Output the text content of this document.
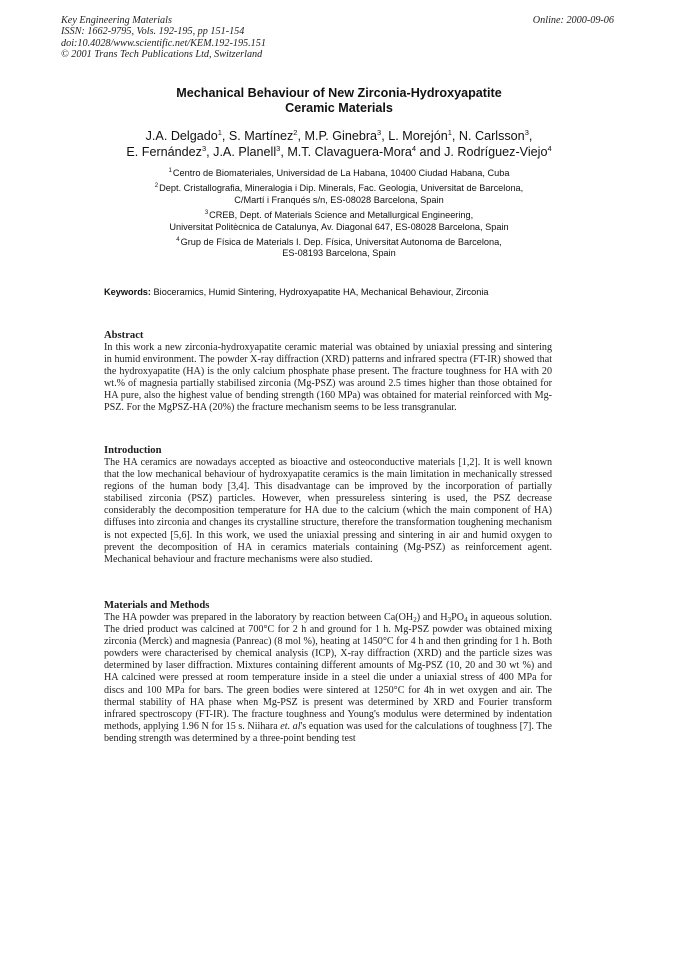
Key Engineering Materials
ISSN: 1662-9795, Vols. 192-195, pp 151-154
doi:10.4028/www.scientific.net/KEM.192-195.151
© 2001 Trans Tech Publications Ltd, Switzerland
Online: 2000-09-06
Mechanical Behaviour of New Zirconia-Hydroxyapatite
Ceramic Materials
J.A. Delgado$^1$, S. Martínez$^2$, M.P. Ginebra$^3$, L. Morejón$^1$, N. Carlsson$^3$,
E. Fernández$^3$, J.A. Planell$^3$, M.T. Clavaguera-Mora$^4$ and J. Rodríguez-Viejo$^4$
$^1$Centro de Biomateriales, Universidad de La Habana, 10400 Ciudad Habana, Cuba
$^2$Dept. Cristallografia, Mineralogia i Dip. Minerals, Fac. Geologia, Universitat de Barcelona,
C/Martí i Franqués s/n, ES-08028 Barcelona, Spain
$^3$CREB, Dept. of Materials Science and Metallurgical Engineering,
Universitat Politècnica de Catalunya, Av. Diagonal 647, ES-08028 Barcelona, Spain
$^4$Grup de Física de Materials I. Dep. Física, Universitat Autonoma de Barcelona,
ES-08193 Barcelona, Spain
Keywords: Bioceramics, Humid Sintering, Hydroxyapatite HA, Mechanical Behaviour, Zirconia
Abstract

In this work a new zirconia-hydroxyapatite ceramic material was obtained by uniaxial pressing and sintering in humid environment. The powder X-ray diffraction (XRD) patterns and infrared spectra (FT-IR) showed that the hydroxyapatite (HA) is the only calcium phosphate phase present. The fracture toughness for HA with 20 wt.% of magnesia partially stabilised zirconia (Mg-PSZ) was around 2.5 times higher than those obtained for HA pure, also the highest value of bending strength (160 MPa) was obtained for material reinforced with Mg-PSZ. For the MgPSZ-HA (20%) the fracture mechanism seems to be less transgranular.

Introduction

The HA ceramics are nowadays accepted as bioactive and osteoconductive materials [1,2]. It is well known that the low mechanical behaviour of hydroxyapatite ceramics is the main limitation in mechanically stressed regions of the human body [3,4]. This disadvantage can be improved by the incorporation of partially stabilised zirconia (PSZ) particles. However, when pressureless sintering is used, the PSZ decrease considerably the decomposition temperature for HA due to the calcium (which the main component of HA) diffuses into zirconia and changes its crystalline structure, therefore the transformation toughening mechanism is not expected [5,6]. In this work, we used the uniaxial pressing and sintering in air and humid oxygen to prevent the decomposition of HA in ceramics materials containing (Mg-PSZ) as reinforcement agent. Mechanical behaviour and fracture mechanisms were also studied.

Materials and Methods

The HA powder was prepared in the laboratory by reaction between $Ca(OH_2)$ and $H_3PO_4$ in aqueous solution. The dried product was calcined at 700°C for 2 h and ground for 1 h. Mg-PSZ powder was obtained mixing zirconia (Merck) and magnesia (Panreac) (8 mol %), heating at 1450°C for 4 h and then grinding for 1 h. Both powders were characterised by chemical analysis (ICP), X-ray diffraction (XRD) and the particle sizes was determined by laser diffraction. Mixtures containing different amounts of Mg-PSZ (10, 20 and 30 wt %) and HA calcined were pressed at room temperature inside in a steel die under a uniaxial stress of 400 MPa for discs and 100 MPa for bars. The green bodies were sintered at 1250°C for 4h in wet oxygen and air. The thermal stability of HA phase when Mg-PSZ is present was determined by XRD and Fourier transform infrared spectroscopy (FT-IR). The fracture toughness and Young's modulus were determined by indentation methods, applying 1.96 N for 15 s. Niihara et. al's equation was used for the calculations of toughness [7]. The bending strength was determined by a three-point bending test
